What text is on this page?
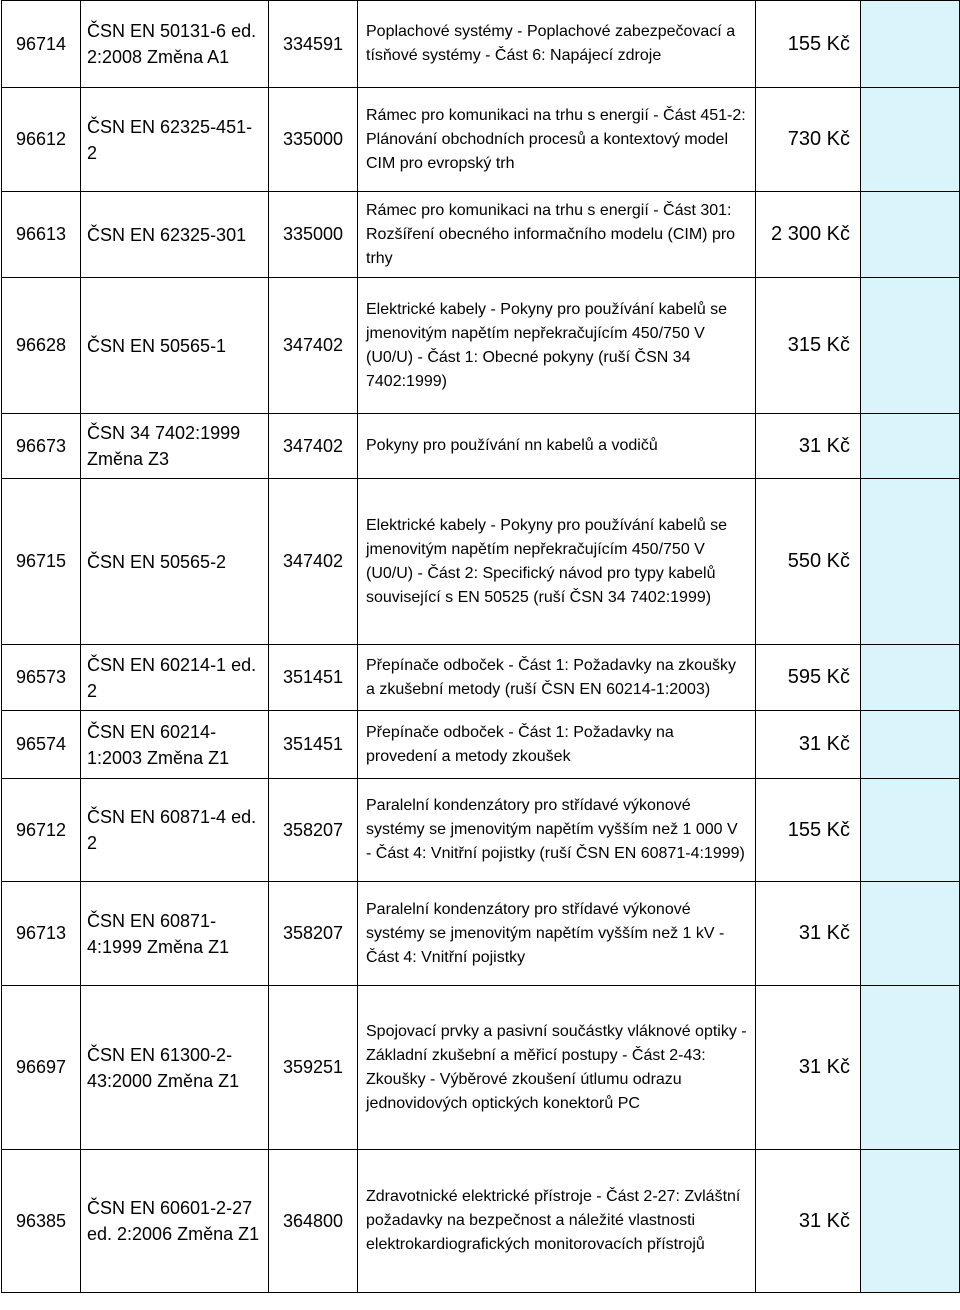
96714	ČSN EN 50131-6 ed. 2:2008 Změna A1	334591	Poplachové systémy - Poplachové zabezpečovací a tísňové systémy - Část 6: Napájecí zdroje	155 Kč	
96612	ČSN EN 62325-451-2	335000	Rámec pro komunikaci na trhu s energií - Část 451-2: Plánování obchodních procesů a kontextový model CIM pro evropský trh	730 Kč	
96613	ČSN EN 62325-301	335000	Rámec pro komunikaci na trhu s energií - Část 301: Rozšíření obecného informačního modelu (CIM) pro trhy	2 300 Kč	
96628	ČSN EN 50565-1	347402	Elektrické kabely - Pokyny pro používání kabelů se jmenovitým napětím nepřekračujícím 450/750 V (U0/U) - Část 1: Obecné pokyny (ruší ČSN 34 7402:1999)	315 Kč	
96673	ČSN 34 7402:1999 Změna Z3	347402	Pokyny pro používání nn kabelů a vodičů	31 Kč	
96715	ČSN EN 50565-2	347402	Elektrické kabely - Pokyny pro používání kabelů se jmenovitým napětím nepřekračujícím 450/750 V (U0/U) - Část 2: Specifický návod pro typy kabelů související s EN 50525 (ruší ČSN 34 7402:1999)	550 Kč	
96573	ČSN EN 60214-1 ed. 2	351451	Přepínače odboček - Část 1: Požadavky na zkoušky a zkušební metody (ruší ČSN EN 60214-1:2003)	595 Kč	
96574	ČSN EN 60214-1:2003 Změna Z1	351451	Přepínače odboček - Část 1: Požadavky na provedení a metody zkoušek	31 Kč	
96712	ČSN EN 60871-4 ed. 2	358207	Paralelní kondenzátory pro střídavé výkonové systémy se jmenovitým napětím vyšším než 1 000 V - Část 4: Vnitřní pojistky (ruší ČSN EN 60871-4:1999)	155 Kč	
96713	ČSN EN 60871-4:1999 Změna Z1	358207	Paralelní kondenzátory pro střídavé výkonové systémy se jmenovitým napětím vyšším než 1 kV - Část 4: Vnitřní pojistky	31 Kč	
96697	ČSN EN 61300-2-43:2000 Změna Z1	359251	Spojovací prvky a pasivní součástky vláknové optiky - Základní zkušební a měřicí postupy - Část 2-43: Zkoušky - Výběrové zkoušení útlumu odrazu jednovidových optických konektorů PC	31 Kč	
96385	ČSN EN 60601-2-27 ed. 2:2006 Změna Z1	364800	Zdravotnické elektrické přístroje - Část 2-27: Zvláštní požadavky na bezpečnost a náležité vlastnosti elektrokardiografických monitorovacích přístrojů	31 Kč	
